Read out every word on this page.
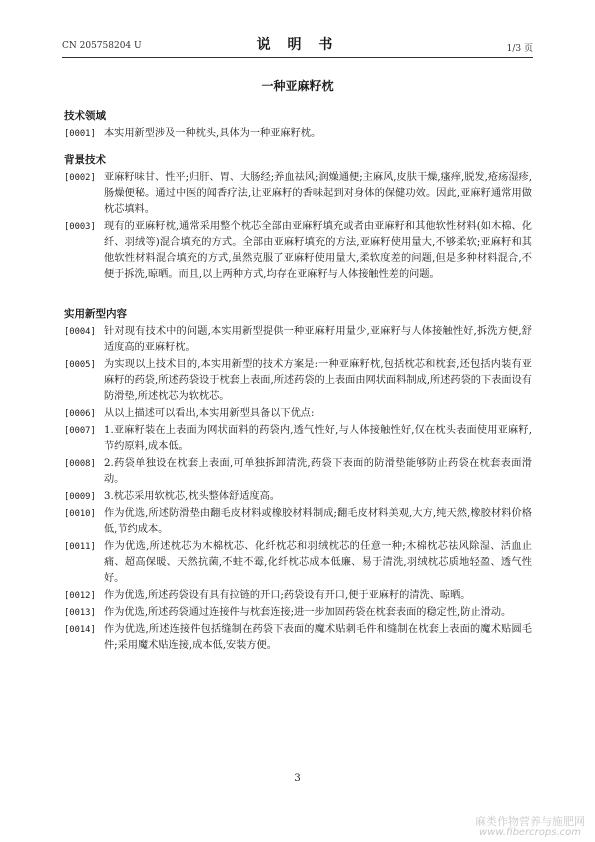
CN 205758204 U	说 明 书	1/3 页
一种亚麻籽枕
技术领域
[0001] 本实用新型涉及一种枕头,具体为一种亚麻籽枕。
背景技术
[0002] 亚麻籽味甘、性平;归肝、胃、大肠经;养血祛风;润燥通便;主麻风,皮肤干燥,瘙痒,脱发,疮疡湿疹,肠燥便秘。通过中医的闻香疗法,让亚麻籽的香味起到对身体的保健功效。因此,亚麻籽通常用做枕芯填料。
[0003] 现有的亚麻籽枕,通常采用整个枕芯全部由亚麻籽填充或者由亚麻籽和其他软性材料(如木棉、化纤、羽绒等)混合填充的方式。全部由亚麻籽填充的方法,亚麻籽使用量大,不够柔软;亚麻籽和其他软性材料混合填充的方式,虽然克服了亚麻籽使用量大,柔软度差的问题,但是多种材料混合,不便于拆洗,晾晒。而且,以上两种方式,均存在亚麻籽与人体接触性差的问题。
实用新型内容
[0004] 针对现有技术中的问题,本实用新型提供一种亚麻籽用量少,亚麻籽与人体接触性好,拆洗方便,舒适度高的亚麻籽枕。
[0005] 为实现以上技术目的,本实用新型的技术方案是:一种亚麻籽枕,包括枕芯和枕套,还包括内装有亚麻籽的药袋,所述药袋设于枕套上表面,所述药袋的上表面由网状面料制成,所述药袋的下表面设有防滑垫,所述枕芯为软枕芯。
[0006] 从以上描述可以看出,本实用新型具备以下优点:
[0007] 1.亚麻籽装在上表面为网状面料的药袋内,透气性好,与人体接触性好,仅在枕头表面使用亚麻籽,节约原料,成本低。
[0008] 2.药袋单独设在枕套上表面,可单独拆卸清洗,药袋下表面的防滑垫能够防止药袋在枕套表面滑动。
[0009] 3.枕芯采用软枕芯,枕头整体舒适度高。
[0010] 作为优选,所述防滑垫由翻毛皮材料或橡胶材料制成;翻毛皮材料美观,大方,纯天然,橡胶材料价格低,节约成本。
[0011] 作为优选,所述枕芯为木棉枕芯、化纤枕芯和羽绒枕芯的任意一种;木棉枕芯祛风除湿、活血止痛、超高保暖、天然抗菌,不蛀不霉,化纤枕芯成本低廉、易于清洗,羽绒枕芯质地轻盈、透气性好。
[0012] 作为优选,所述药袋设有具有拉链的开口;药袋设有开口,便于亚麻籽的清洗、晾晒。
[0013] 作为优选,所述药袋通过连接件与枕套连接;进一步加固药袋在枕套表面的稳定性,防止滑动。
[0014] 作为优选,所述连接件包括缝制在药袋下表面的魔术贴刺毛件和缝制在枕套上表面的魔术贴圆毛件;采用魔术贴连接,成本低,安装方便。
3
麻类作物营养与施肥网
www.fibercrops.com
